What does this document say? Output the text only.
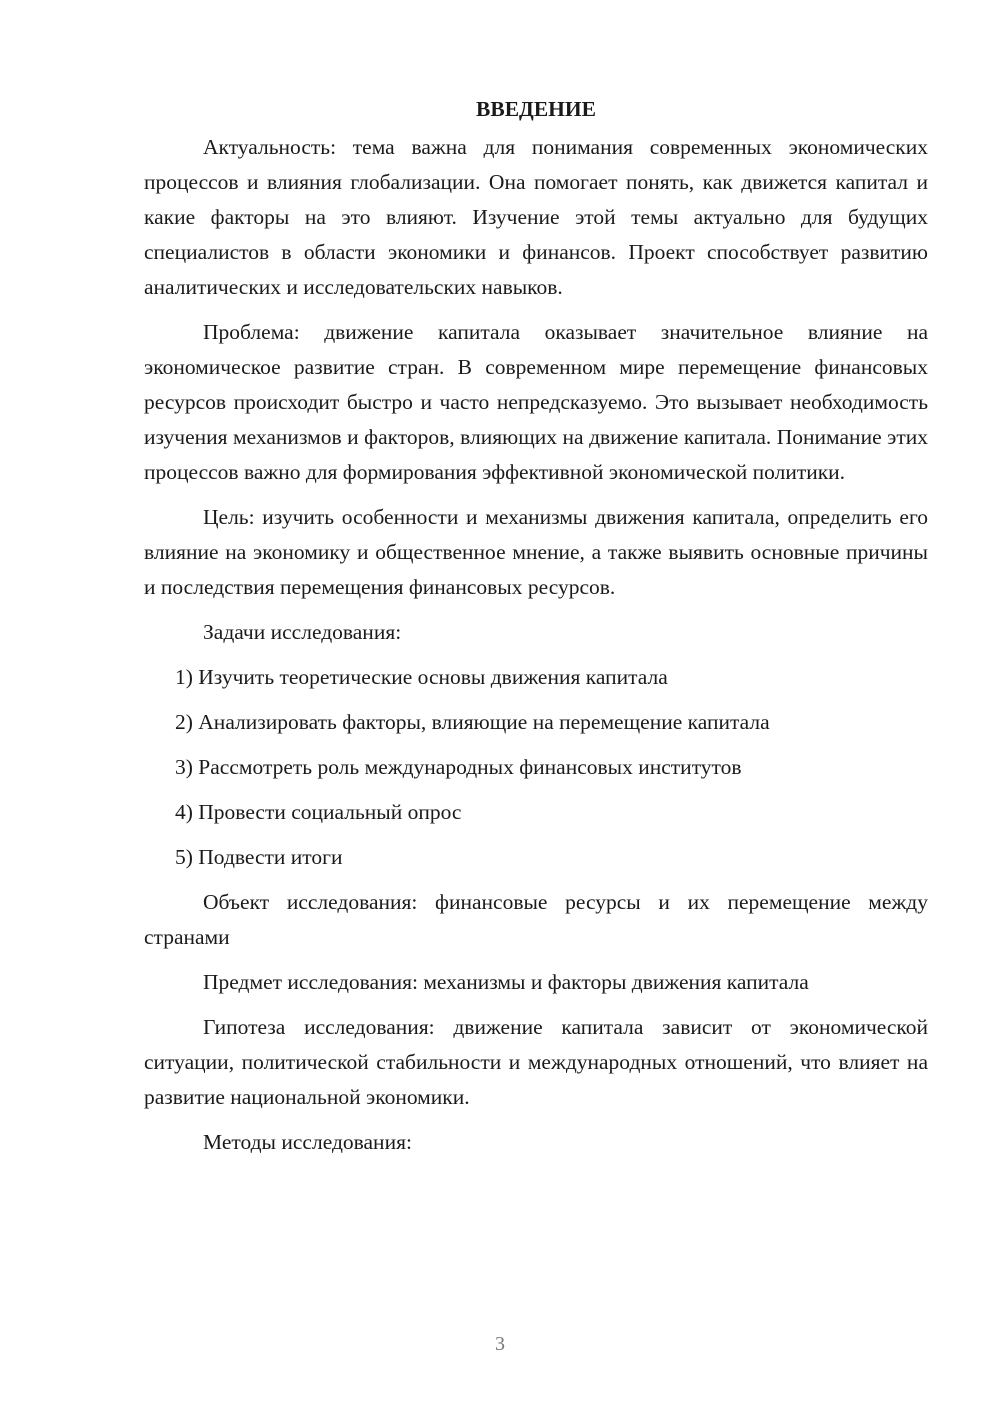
ВВЕДЕНИЕ

Актуальность: тема важна для понимания современных экономических процессов и влияния глобализации. Она помогает понять, как движется капитал и какие факторы на это влияют. Изучение этой темы актуально для будущих специалистов в области экономики и финансов. Проект способствует развитию аналитических и исследовательских навыков.

Проблема: движение капитала оказывает значительное влияние на экономическое развитие стран. В современном мире перемещение финансовых ресурсов происходит быстро и часто непредсказуемо. Это вызывает необходимость изучения механизмов и факторов, влияющих на движение капитала. Понимание этих процессов важно для формирования эффективной экономической политики.

Цель: изучить особенности и механизмы движения капитала, определить его влияние на экономику и общественное мнение, а также выявить основные причины и последствия перемещения финансовых ресурсов.

Задачи исследования:

1) Изучить теоретические основы движения капитала
2) Анализировать факторы, влияющие на перемещение капитала
3) Рассмотреть роль международных финансовых институтов
4) Провести социальный опрос
5) Подвести итоги

Объект исследования: финансовые ресурсы и их перемещение между странами

Предмет исследования: механизмы и факторы движения капитала

Гипотеза исследования: движение капитала зависит от экономической ситуации, политической стабильности и международных отношений, что влияет на развитие национальной экономики.

Методы исследования:

3
